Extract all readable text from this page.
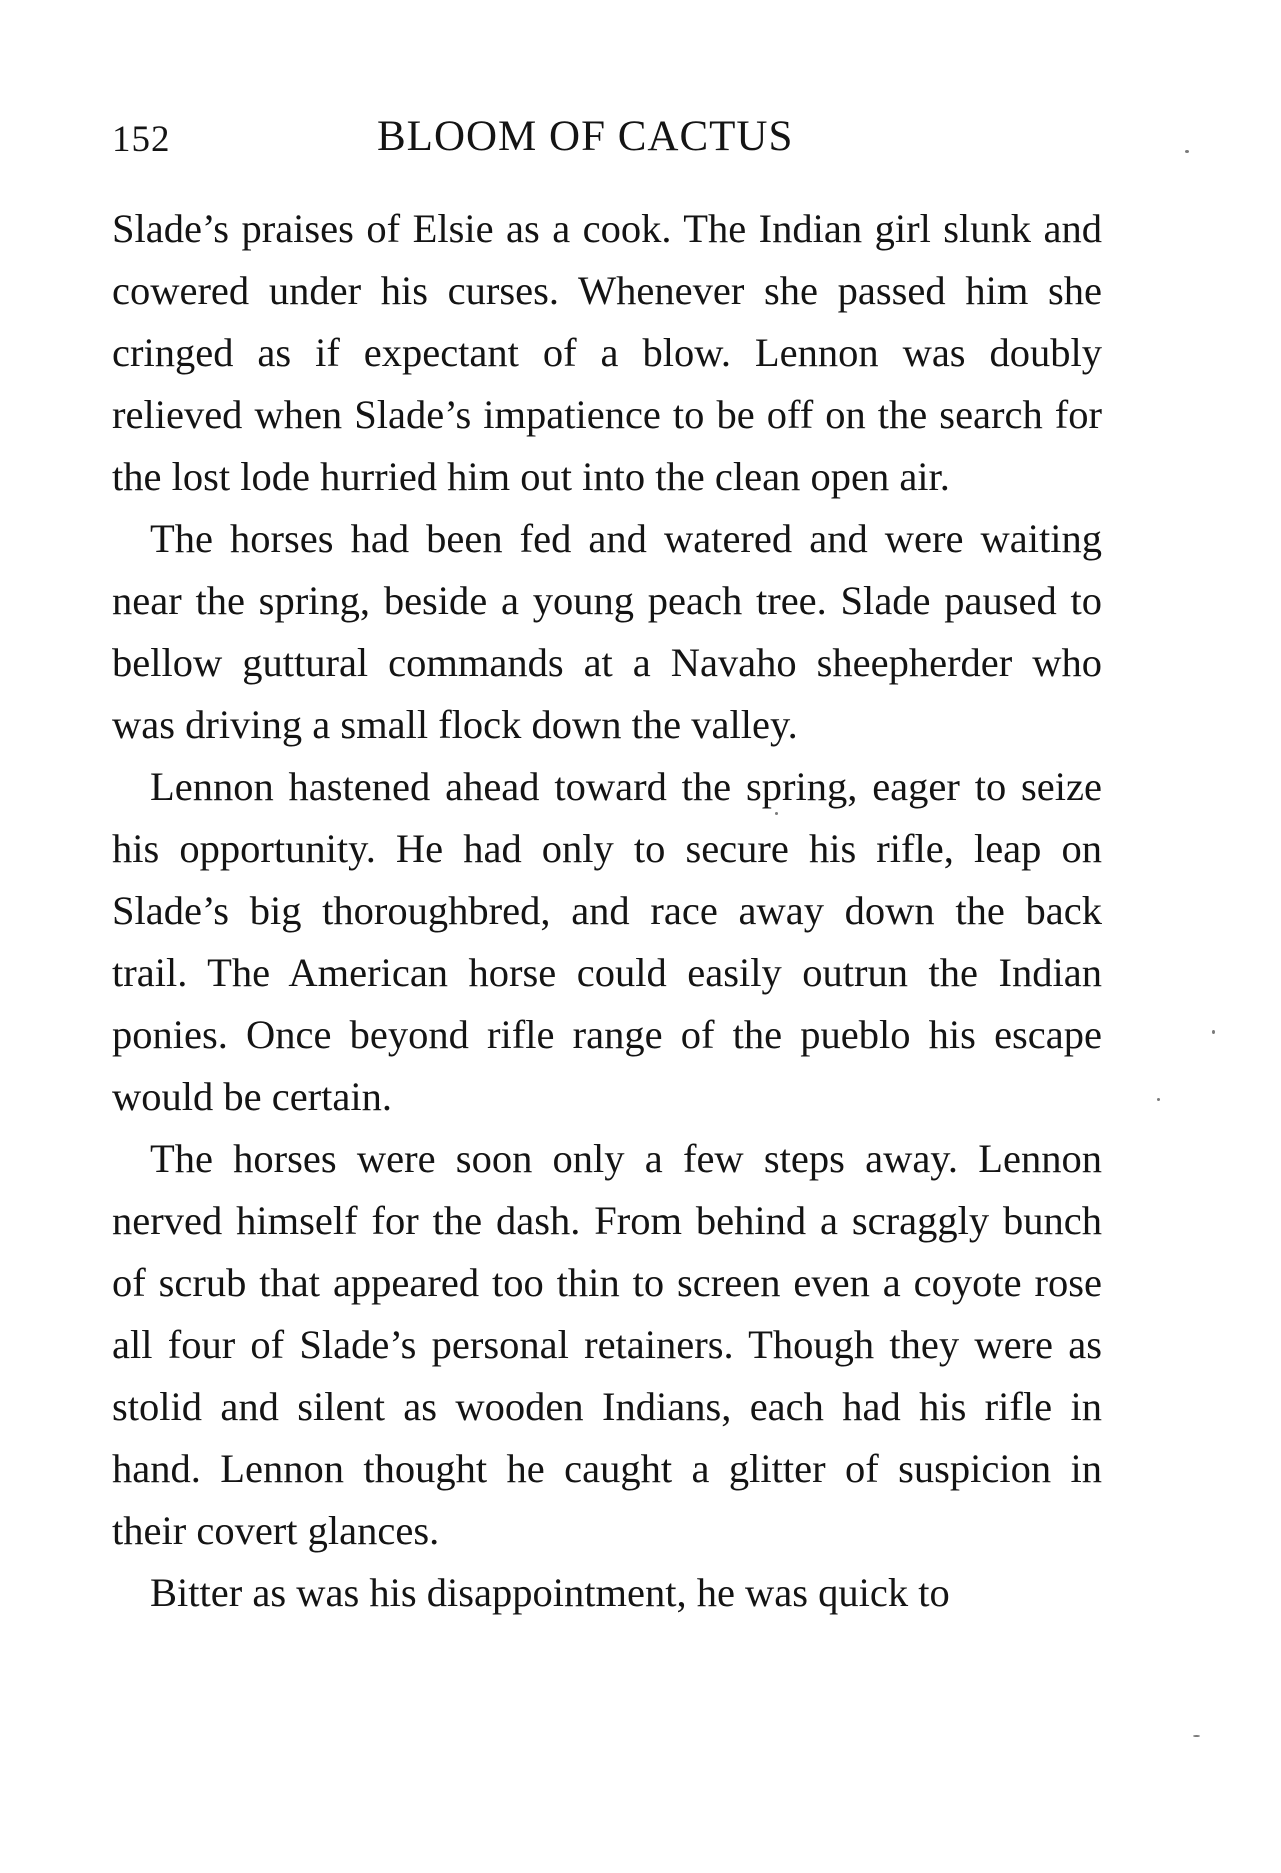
152	BLOOM OF CACTUS

Slade’s praises of Elsie as a cook. The Indian girl slunk and cowered under his curses. Whenever she passed him she cringed as if expectant of a blow. Lennon was doubly relieved when Slade’s impatience to be off on the search for the lost lode hurried him out into the clean open air.

The horses had been fed and watered and were waiting near the spring, beside a young peach tree. Slade paused to bellow guttural commands at a Navaho sheepherder who was driving a small flock down the valley.

Lennon hastened ahead toward the spring, eager to seize his opportunity. He had only to secure his rifle, leap on Slade’s big thoroughbred, and race away down the back trail. The American horse could easily outrun the Indian ponies. Once beyond rifle range of the pueblo his escape would be certain.

The horses were soon only a few steps away. Lennon nerved himself for the dash. From behind a scraggly bunch of scrub that appeared too thin to screen even a coyote rose all four of Slade’s personal retainers. Though they were as stolid and silent as wooden Indians, each had his rifle in hand. Lennon thought he caught a glitter of suspicion in their covert glances.

Bitter as was his disappointment, he was quick to
